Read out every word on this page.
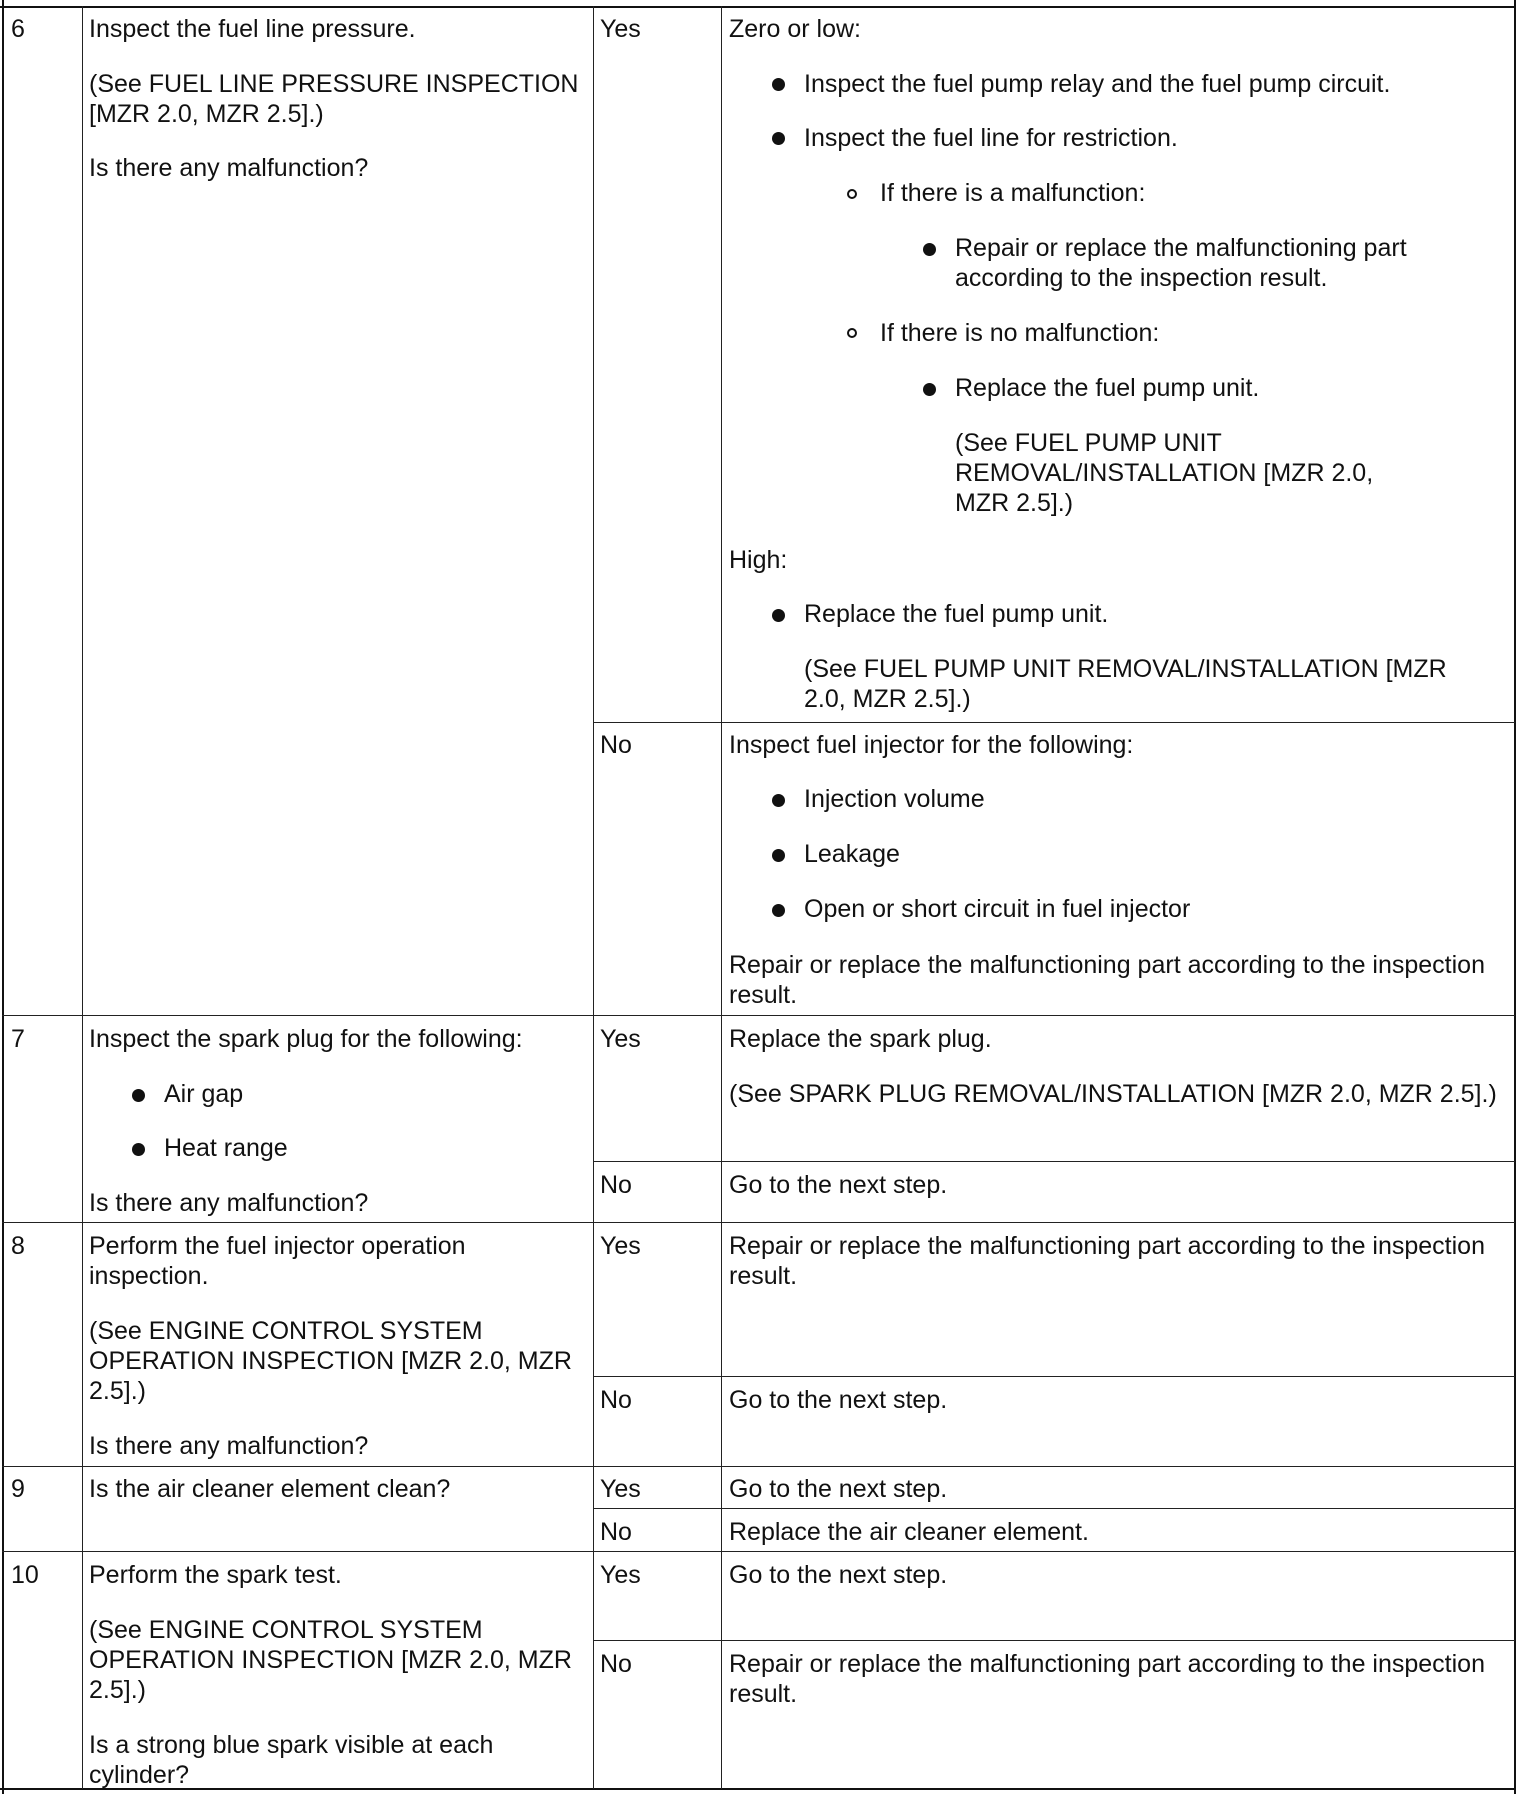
6	Inspect the fuel line pressure.
(See FUEL LINE PRESSURE INSPECTION
[MZR 2.0, MZR 2.5].)
Is there any malfunction?
Yes	Zero or low:
Inspect the fuel pump relay and the fuel pump circuit.
Inspect the fuel line for restriction.
If there is a malfunction:
Repair or replace the malfunctioning part
according to the inspection result.
If there is no malfunction:
Replace the fuel pump unit.
(See FUEL PUMP UNIT
REMOVAL/INSTALLATION [MZR 2.0,
MZR 2.5].)
High:
Replace the fuel pump unit.
(See FUEL PUMP UNIT REMOVAL/INSTALLATION [MZR
2.0, MZR 2.5].)
No	Inspect fuel injector for the following:
Injection volume
Leakage
Open or short circuit in fuel injector
Repair or replace the malfunctioning part according to the inspection
result.
7	Inspect the spark plug for the following:
Air gap
Heat range
Is there any malfunction?
Yes	Replace the spark plug.
(See SPARK PLUG REMOVAL/INSTALLATION [MZR 2.0, MZR 2.5].)
No	Go to the next step.
8	Perform the fuel injector operation
inspection.
(See ENGINE CONTROL SYSTEM
OPERATION INSPECTION [MZR 2.0, MZR
2.5].)
Is there any malfunction?
Yes	Repair or replace the malfunctioning part according to the inspection
result.
No	Go to the next step.
9	Is the air cleaner element clean?	Yes	Go to the next step.
No	Replace the air cleaner element.
10 Perform the spark test.
(See ENGINE CONTROL SYSTEM
OPERATION INSPECTION [MZR 2.0, MZR
2.5].)
Is a strong blue spark visible at each
cylinder?
Yes	Go to the next step.
No	Repair or replace the malfunctioning part according to the inspection
result.
